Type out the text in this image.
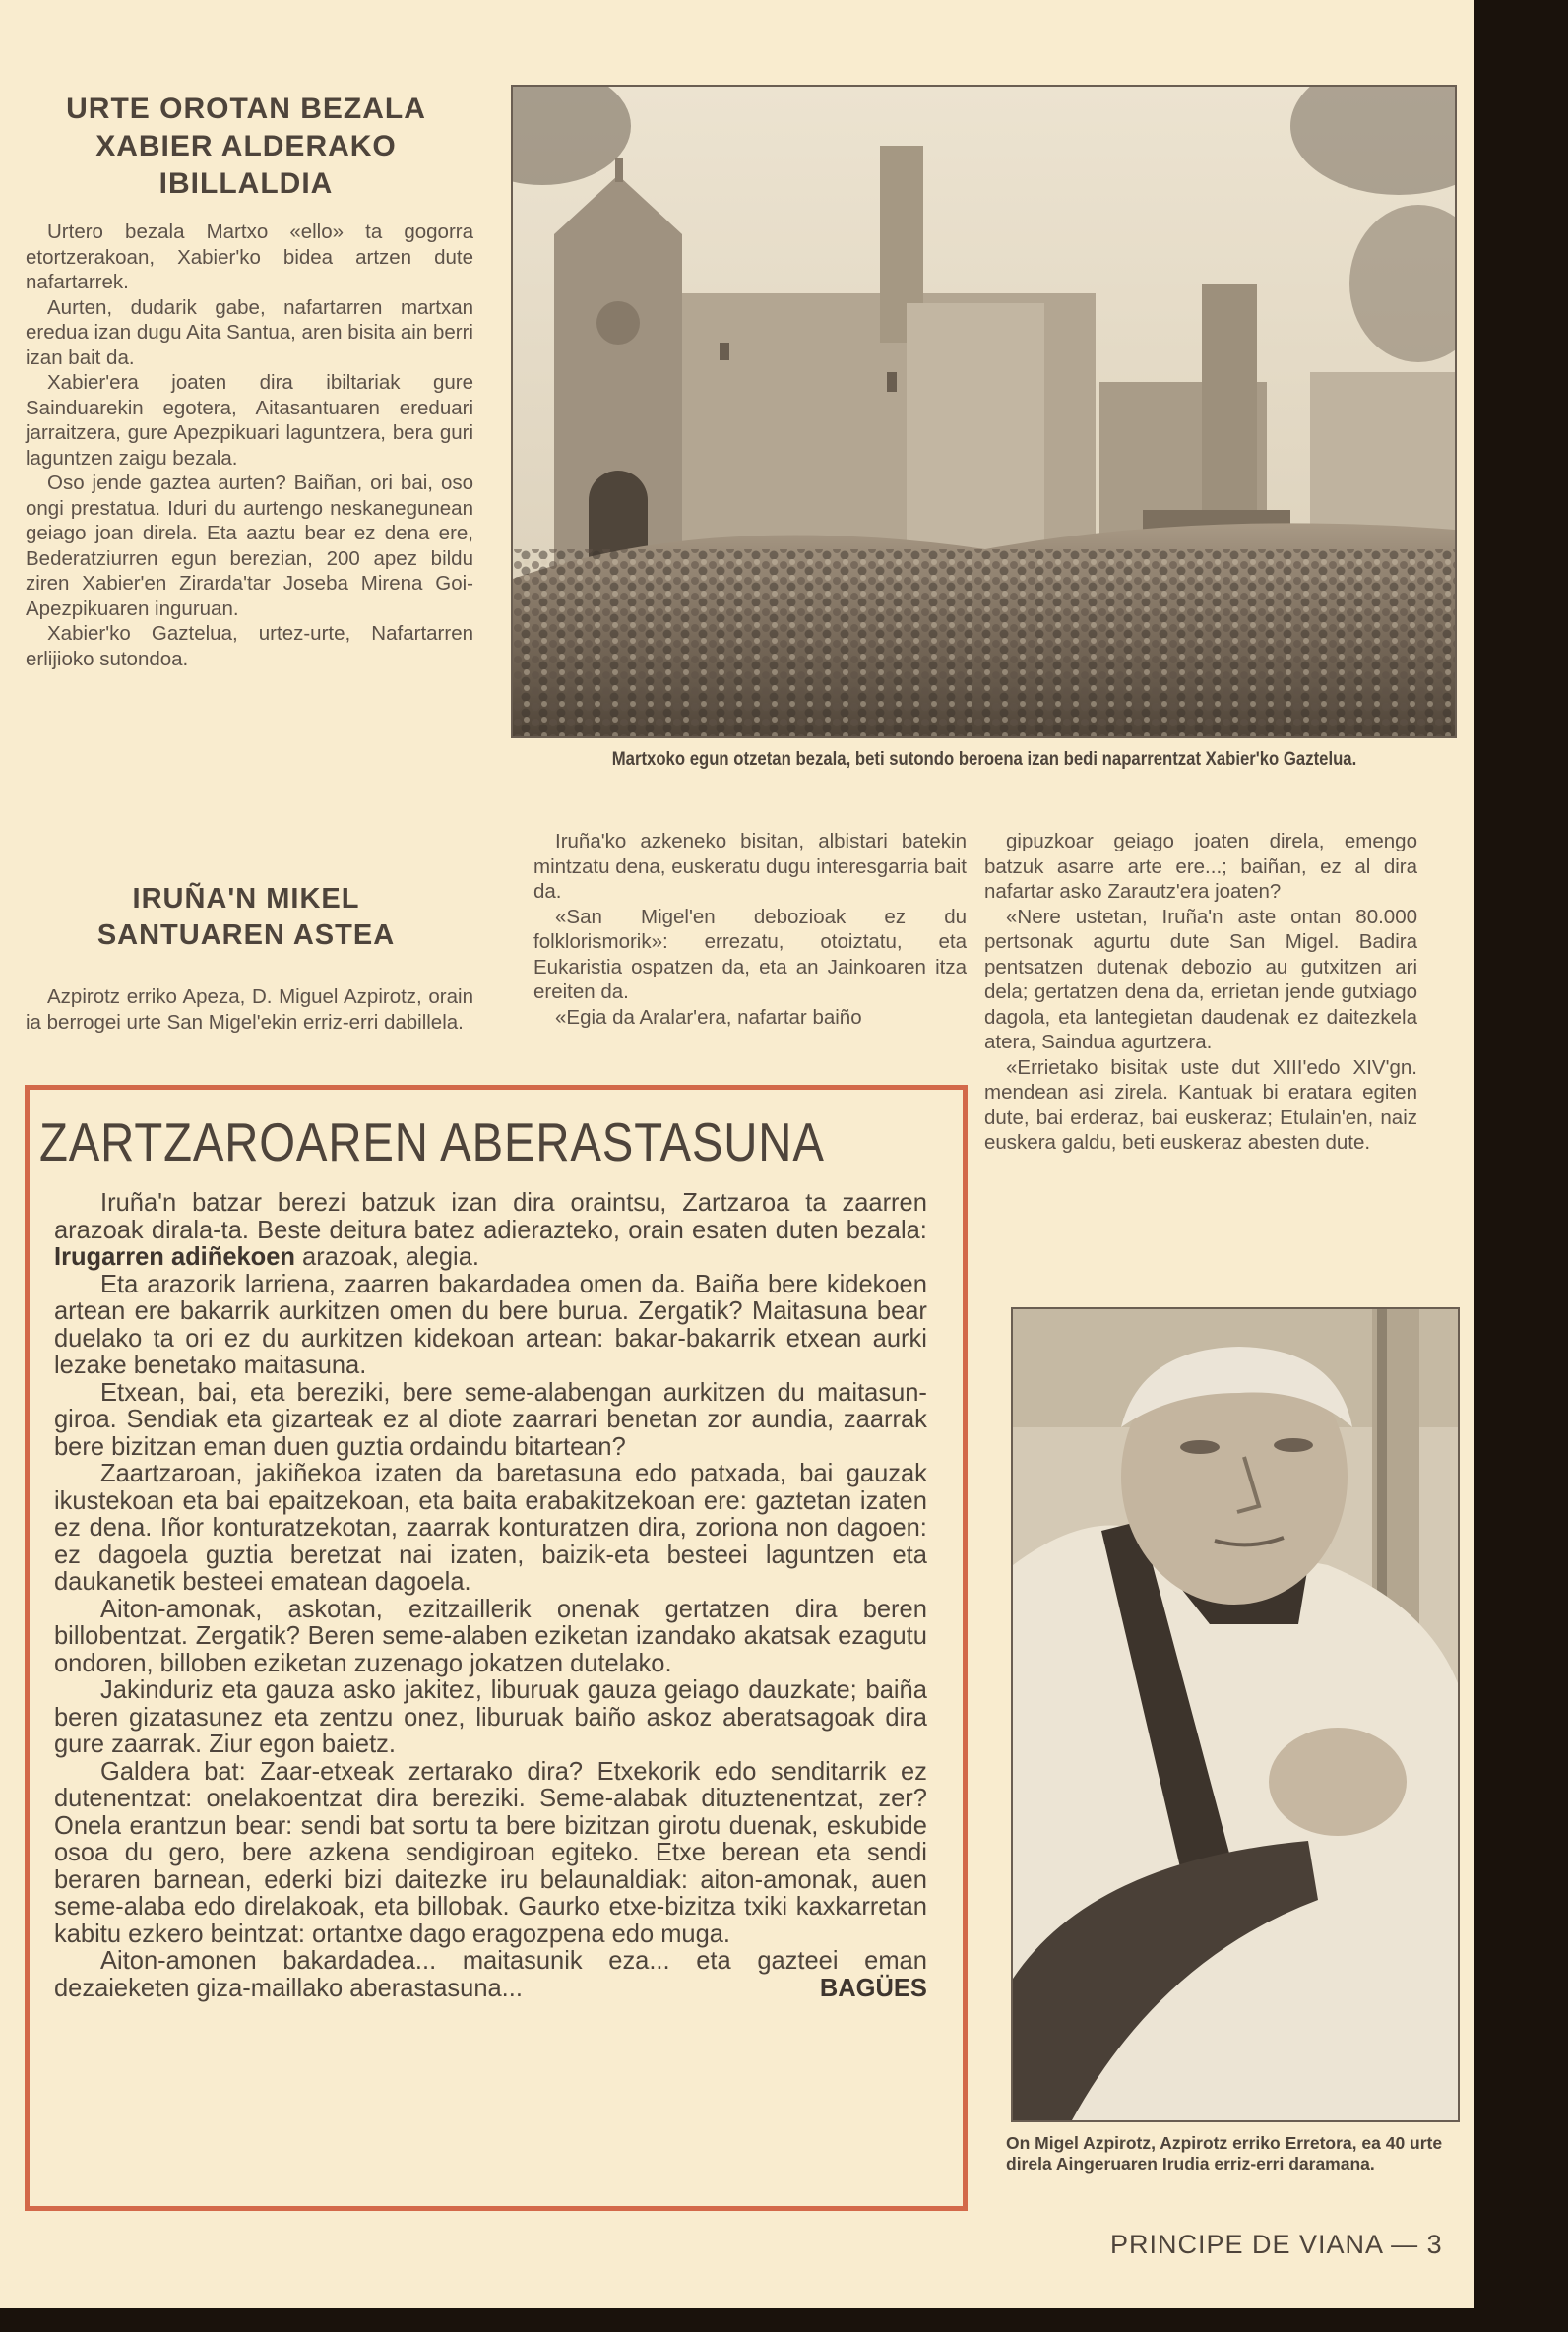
URTE OROTAN BEZALA
XABIER ALDERAKO
IBILLALDIA

Urtero bezala Martxo «ello» ta gogorra etortzerakoan, Xabier'ko bidea artzen dute nafartarrek.

Aurten, dudarik gabe, nafartarren martxan eredua izan dugu Aita Santua, aren bisita ain berri izan bait da.

Xabier'era joaten dira ibiltariak gure Sainduarekin egotera, Aitasantuaren ereduari jarraitzera, gure Apezpikuari laguntzera, bera guri laguntzen zaigu bezala.

Oso jende gaztea aurten? Baiñan, ori bai, oso ongi prestatua. Iduri du aurtengo neskanegunean geiago joan direla. Eta aaztu bear ez dena ere, Bederatziurren egun berezian, 200 apez bildu ziren Xabier'en Zirarda'tar Joseba Mirena Goi-Apezpikuaren inguruan.

Xabier'ko Gaztelua, urtez-urte, Nafartarren erlijioko sutondoa.

Martxoko egun otzetan bezala, beti sutondo beroena izan bedi naparrentzat Xabier'ko Gaztelua.
IRUÑA'N MIKEL
SANTUAREN ASTEA

Azpirotz erriko Apeza, D. Miguel Azpirotz, orain ia berrogei urte San Migel'ekin erriz-erri dabillela.

Iruña'ko azkeneko bisitan, albistari batekin mintzatu dena, euskeratu dugu interesgarria bait da.

«San Migel'en debozioak ez du folklorismorik»: errezatu, otoiztatu, eta Eukaristia ospatzen da, eta an Jainkoaren itza ereiten da.

«Egia da Aralar'era, nafartar baiño

gipuzkoar geiago joaten direla, emengo batzuk asarre arte ere...; baiñan, ez al dira nafartar asko Zarautz'era joaten?

«Nere ustetan, Iruña'n aste ontan 80.000 pertsonak agurtu dute San Migel. Badira pentsatzen dutenak debozio au gutxitzen ari dela; gertatzen dena da, errietan jende gutxiago dagola, eta lantegietan daudenak ez daitezkela atera, Saindua agurtzera.

«Errietako bisitak uste dut XIII'edo XIV'gn. mendean asi zirela. Kantuak bi eratara egiten dute, bai erderaz, bai euskeraz; Etulain'en, naiz euskera galdu, beti euskeraz abesten dute.

On Migel Azpirotz, Azpirotz erriko Erretora, ea 40 urte direla Aingeruaren Irudia erriz-erri daramana.
ZARTZAROAREN ABERASTASUNA

Iruña'n batzar berezi batzuk izan dira oraintsu, Zartzaroa ta zaarren arazoak dirala-ta. Beste deitura batez adierazteko, orain esaten duten bezala: Irugarren adiñekoen arazoak, alegia.

Eta arazorik larriena, zaarren bakardadea omen da. Baiña bere kidekoen artean ere bakarrik aurkitzen omen du bere burua. Zergatik? Maitasuna bear duelako ta ori ez du aurkitzen kidekoan artean: bakar-bakarrik etxean aurki lezake benetako maitasuna.

Etxean, bai, eta bereziki, bere seme-alabengan aurkitzen du maitasun-giroa. Sendiak eta gizarteak ez al diote zaarrari benetan zor aundia, zaarrak bere bizitzan eman duen guztia ordaindu bitartean?

Zaartzaroan, jakiñekoa izaten da baretasuna edo patxada, bai gauzak ikustekoan eta bai epaitzekoan, eta baita erabakitzekoan ere: gaztetan izaten ez dena. Iñor konturatzekotan, zaarrak konturatzen dira, zoriona non dagoen: ez dagoela guztia beretzat nai izaten, baizik-eta besteei laguntzen eta daukanetik besteei ematean dagoela.

Aiton-amonak, askotan, ezitzaillerik onenak gertatzen dira beren billobentzat. Zergatik? Beren seme-alaben eziketan izandako akatsak ezagutu ondoren, billoben eziketan zuzenago jokatzen dutelako.

Jakinduriz eta gauza asko jakitez, liburuak gauza geiago dauzkate; baiña beren gizatasunez eta zentzu onez, liburuak baiño askoz aberatsagoak dira gure zaarrak. Ziur egon baietz.

Galdera bat: Zaar-etxeak zertarako dira? Etxekorik edo senditarrik ez dutenentzat: onelakoentzat dira bereziki. Seme-alabak dituztenentzat, zer? Onela erantzun bear: sendi bat sortu ta bere bizitzan girotu duenak, eskubide osoa du gero, bere azkena sendigiroan egiteko. Etxe berean eta sendi beraren barnean, ederki bizi daitezke iru belaunaldiak: aiton-amonak, auen seme-alaba edo direlakoak, eta billobak. Gaurko etxe-bizitza txiki kaxkarretan kabitu ezkero beintzat: ortantxe dago eragozpena edo muga.

Aiton-amonen bakardadea... maitasunik eza... eta gazteei eman dezaieketen giza-maillako aberastasuna...	BAGÜES

PRINCIPE DE VIANA — 3
